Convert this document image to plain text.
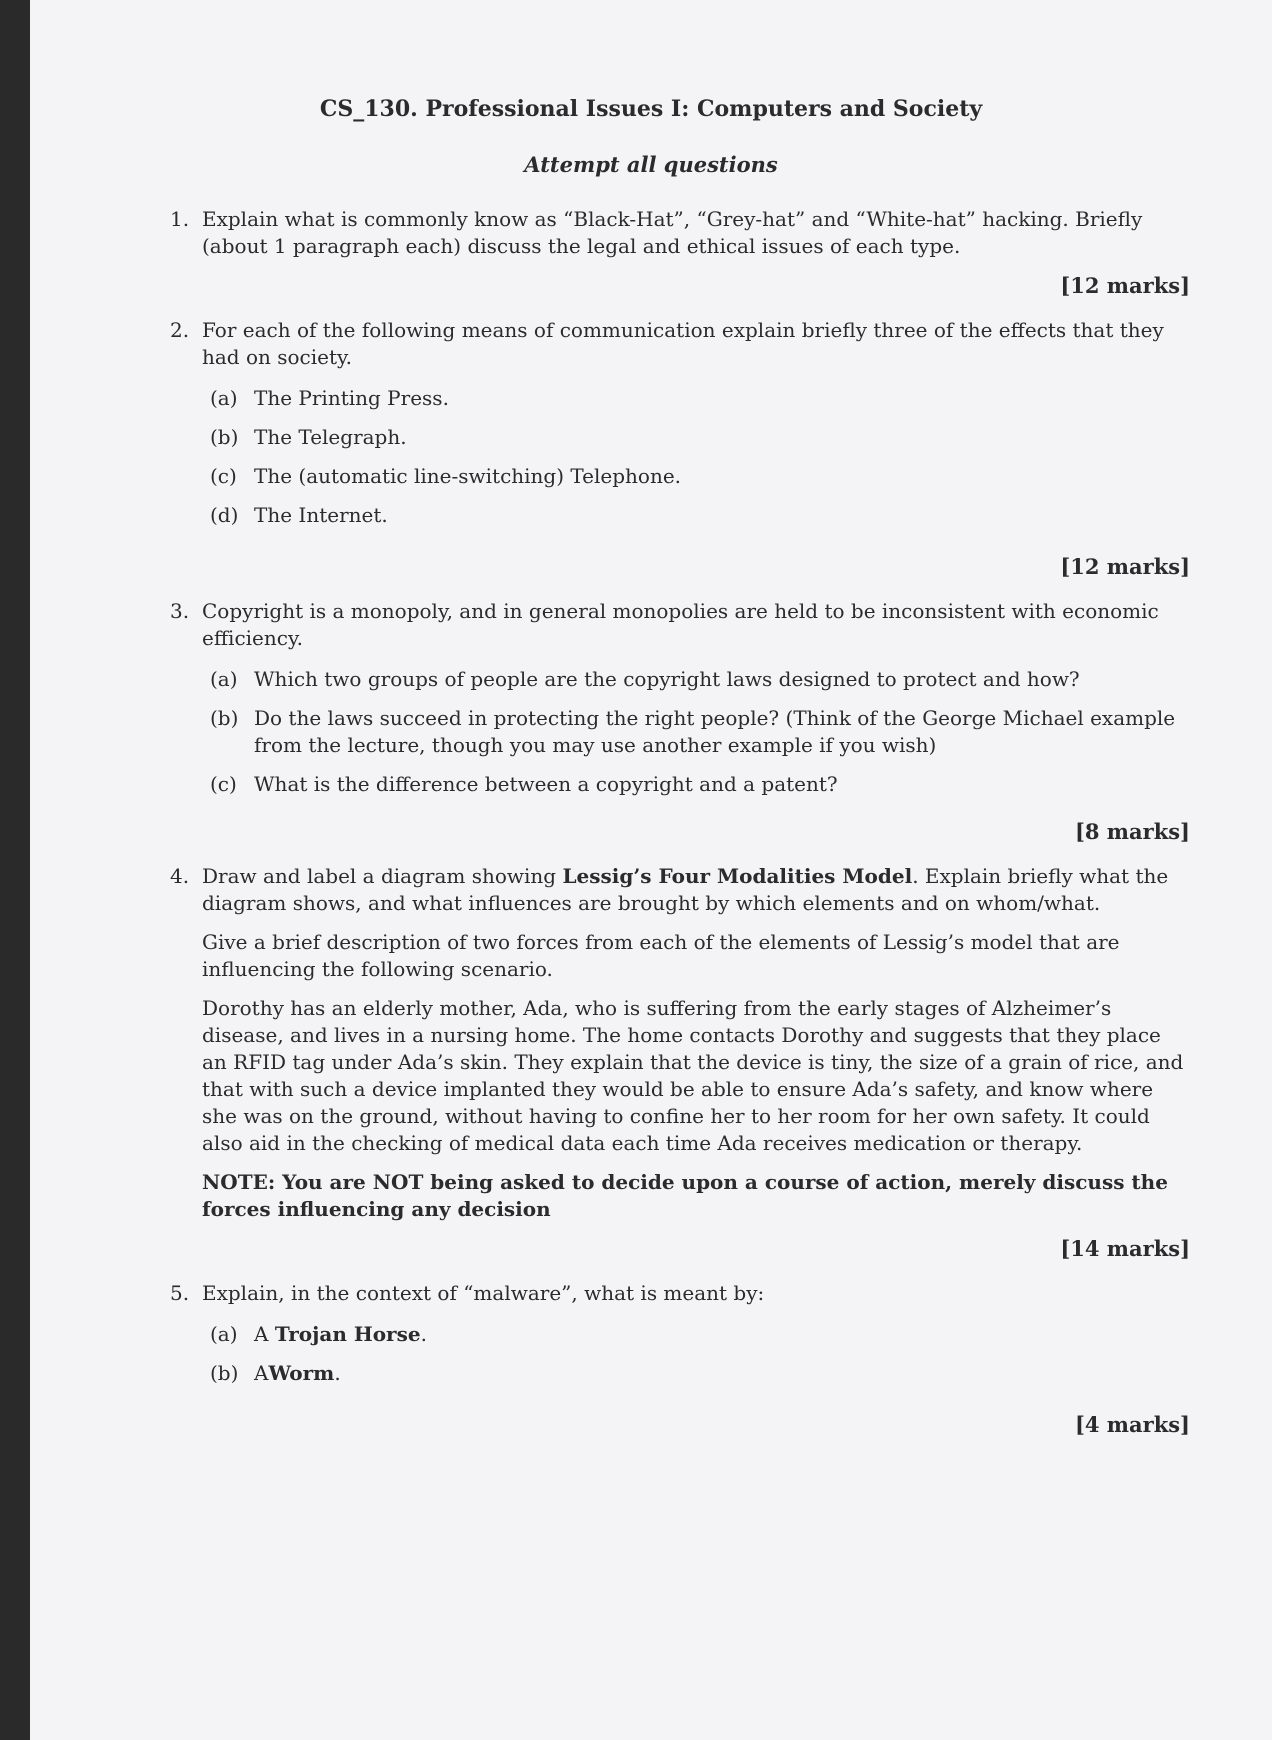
CS_130. Professional Issues I: Computers and Society
Attempt all questions
1. Explain what is commonly know as “Black-Hat”, “Grey-hat” and “White-hat” hacking. Briefly (about 1 paragraph each) discuss the legal and ethical issues of each type.

[12 marks]
2. For each of the following means of communication explain briefly three of the effects that they had on society.

(a) The Printing Press.
(b) The Telegraph.
(c) The (automatic line-switching) Telephone.
(d) The Internet.
[12 marks]
3. Copyright is a monopoly, and in general monopolies are held to be inconsistent with economic efficiency.

(a) Which two groups of people are the copyright laws designed to protect and how?
(b) Do the laws succeed in protecting the right people? (Think of the George Michael example from the lecture, though you may use another example if you wish)
(c) What is the difference between a copyright and a patent?
[8 marks]
4. Draw and label a diagram showing Lessig’s Four Modalities Model. Explain briefly what the diagram shows, and what influences are brought by which elements and on whom/what.

Give a brief description of two forces from each of the elements of Lessig’s model that are influencing the following scenario.

Dorothy has an elderly mother, Ada, who is suffering from the early stages of Alzheimer’s disease, and lives in a nursing home. The home contacts Dorothy and suggests that they place an RFID tag under Ada’s skin. They explain that the device is tiny, the size of a grain of rice, and that with such a device implanted they would be able to ensure Ada’s safety, and know where she was on the ground, without having to confine her to her room for her own safety. It could also aid in the checking of medical data each time Ada receives medication or therapy.

NOTE: You are NOT being asked to decide upon a course of action, merely discuss the forces influencing any decision

[14 marks]
5. Explain, in the context of “malware”, what is meant by:

(a) A Trojan Horse.
(b) AWorm.
[4 marks]
